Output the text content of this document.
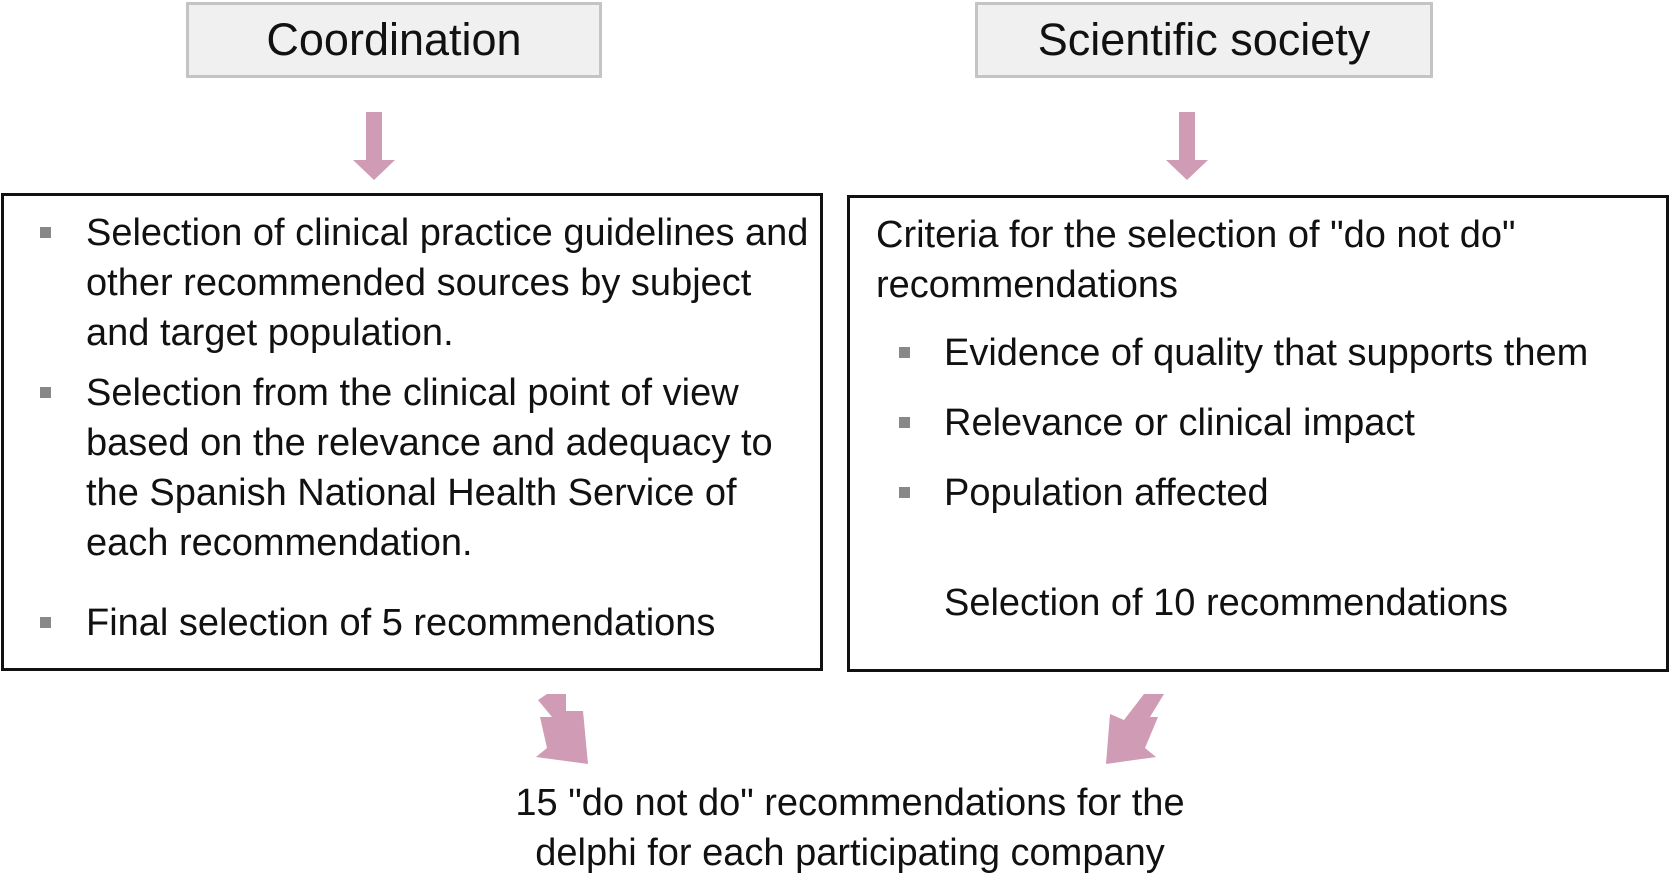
Coordination	Scientific society
Selection of clinical practice guidelines and other recommended sources by subject and target population.
Selection from the clinical point of view based on the relevance and adequacy to the Spanish National Health Service of each recommendation.
Final selection of 5 recommendations
Criteria for the selection of "do not do" recommendations
Evidence of quality that supports them
Relevance or clinical impact
Population affected
Selection of 10 recommendations
15 "do not do" recommendations for the
delphi for each participating company
